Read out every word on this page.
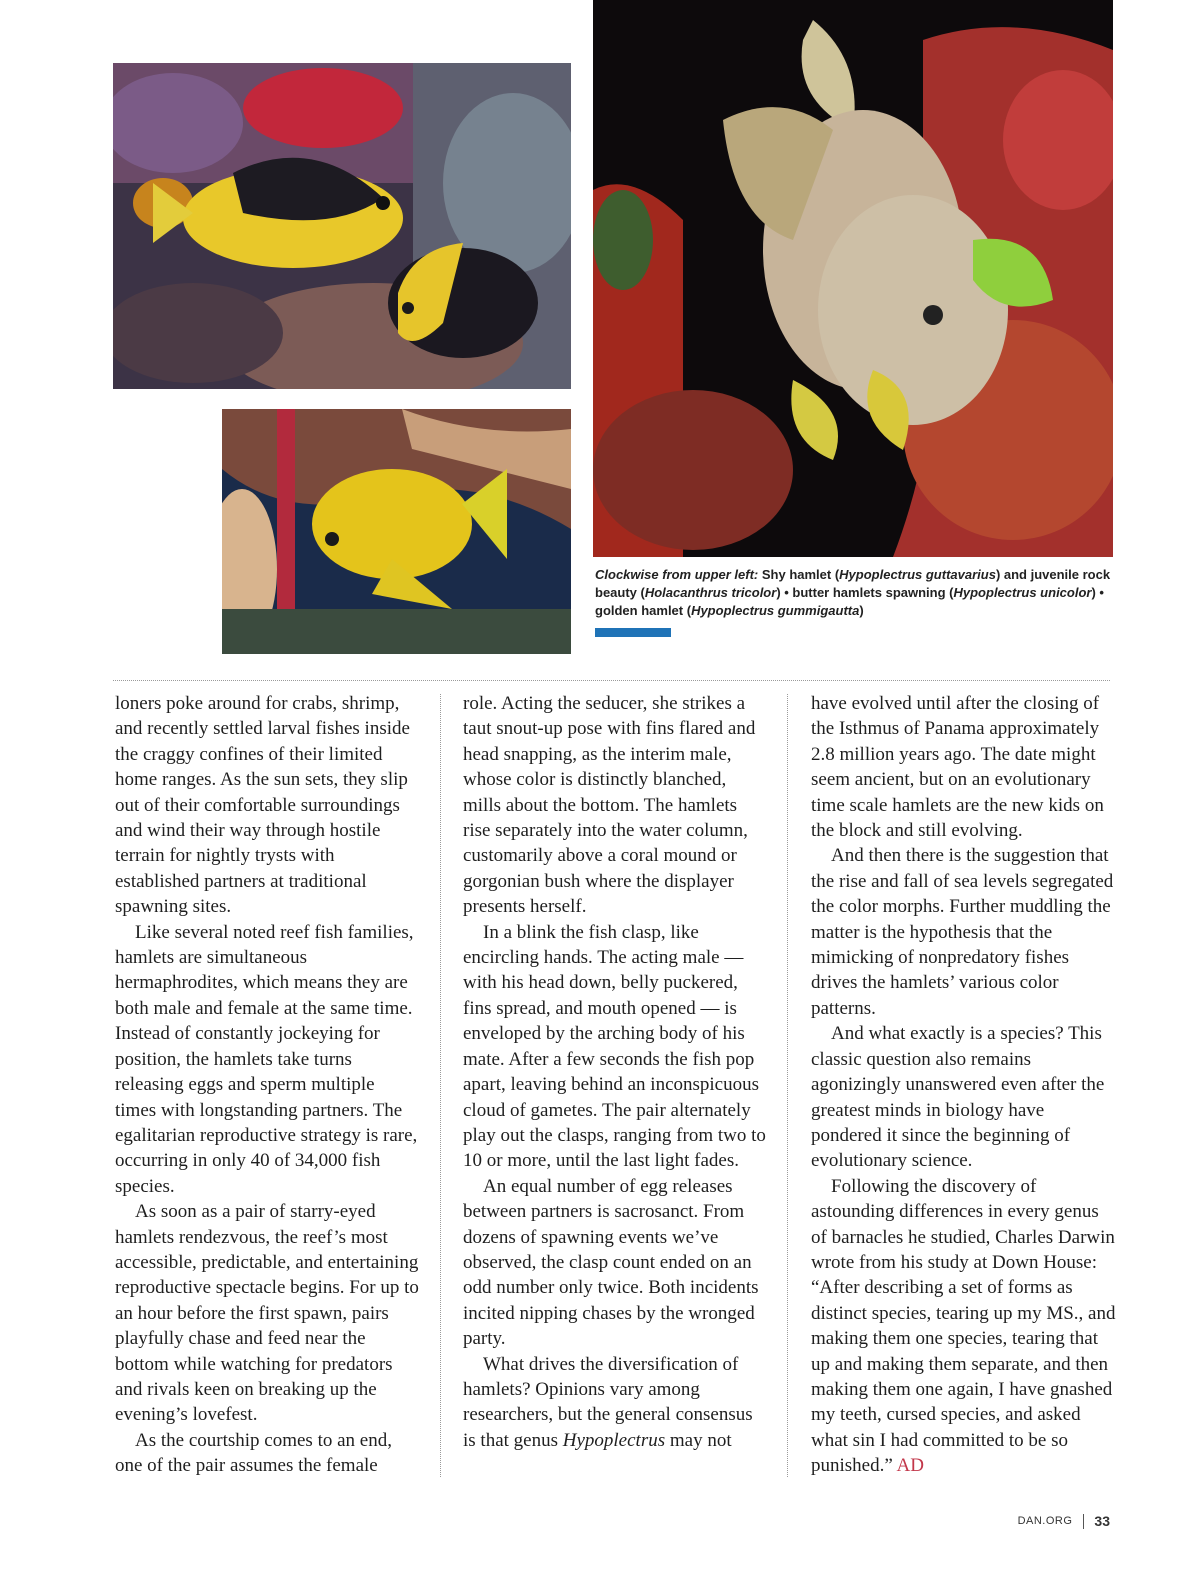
Clockwise from upper left: Shy hamlet (Hypoplectrus guttavarius) and juvenile rock beauty (Holacanthrus tricolor) • butter hamlets spawning (Hypoplectrus unicolor) • golden hamlet (Hypoplectrus gummigautta)

loners poke around for crabs, shrimp, and recently settled larval fishes inside the craggy confines of their limited home ranges. As the sun sets, they slip out of their comfortable surroundings and wind their way through hostile terrain for nightly trysts with established partners at traditional spawning sites.

Like several noted reef fish families, hamlets are simultaneous hermaphrodites, which means they are both male and female at the same time. Instead of constantly jockeying for position, the hamlets take turns releasing eggs and sperm multiple times with longstanding partners. The egalitarian reproductive strategy is rare, occurring in only 40 of 34,000 fish species.

As soon as a pair of starry-eyed hamlets rendezvous, the reef’s most accessible, predictable, and entertaining reproductive spectacle begins. For up to an hour before the first spawn, pairs playfully chase and feed near the bottom while watching for predators and rivals keen on breaking up the evening’s lovefest.

As the courtship comes to an end, one of the pair assumes the female

role. Acting the seducer, she strikes a taut snout-up pose with fins flared and head snapping, as the interim male, whose color is distinctly blanched, mills about the bottom. The hamlets rise separately into the water column, customarily above a coral mound or gorgonian bush where the displayer presents herself.

In a blink the fish clasp, like encircling hands. The acting male — with his head down, belly puckered, fins spread, and mouth opened — is enveloped by the arching body of his mate. After a few seconds the fish pop apart, leaving behind an inconspicuous cloud of gametes. The pair alternately play out the clasps, ranging from two to 10 or more, until the last light fades.

An equal number of egg releases between partners is sacrosanct. From dozens of spawning events we’ve observed, the clasp count ended on an odd number only twice. Both incidents incited nipping chases by the wronged party.

What drives the diversification of hamlets? Opinions vary among researchers, but the general consensus is that genus Hypoplectrus may not

have evolved until after the closing of the Isthmus of Panama approximately 2.8 million years ago. The date might seem ancient, but on an evolutionary time scale hamlets are the new kids on the block and still evolving.

And then there is the suggestion that the rise and fall of sea levels segregated the color morphs. Further muddling the matter is the hypothesis that the mimicking of nonpredatory fishes drives the hamlets’ various color patterns.

And what exactly is a species? This classic question also remains agonizingly unanswered even after the greatest minds in biology have pondered it since the beginning of evolutionary science.

Following the discovery of astounding differences in every genus of barnacles he studied, Charles Darwin wrote from his study at Down House: “After describing a set of forms as distinct species, tearing up my MS., and making them one species, tearing that up and making them separate, and then making them one again, I have gnashed my teeth, cursed species, and asked what sin I had committed to be so punished.” AD

DAN.ORG 33
